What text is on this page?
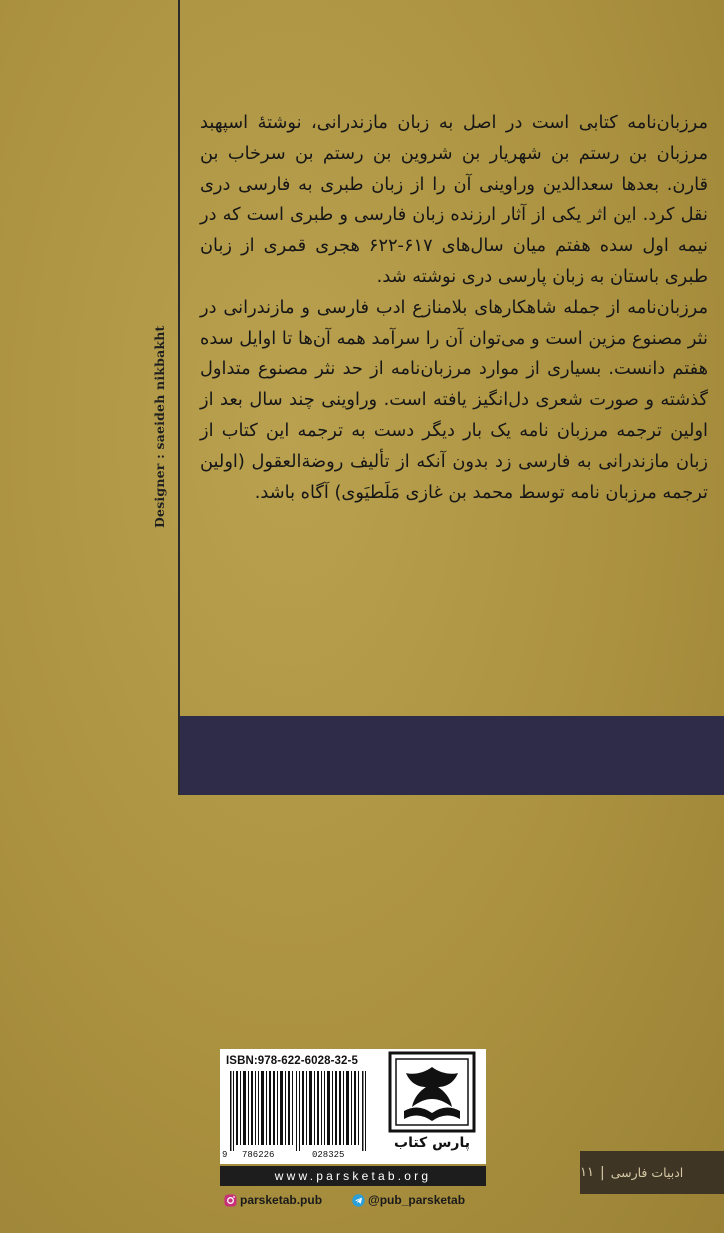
Designer : saeideh nikbakht

مرزبان‌نامه کتابی است در اصل به زبان مازندرانی، نوشتهٔ اسپهبد مرزبان بن رستم بن شهریار بن شروین بن رستم بن سرخاب بن قارن. بعدها سعدالدین وراوینی آن را از زبان طبری به فارسی دری نقل کرد. این اثر یکی از آثار ارزنده زبان فارسی و طبری است که در نیمه اول سده هفتم میان سال‌های ۶۱۷-۶۲۲ هجری قمری از زبان طبری باستان به زبان پارسی دری نوشته شد.

مرزبان‌نامه از جمله شاهکارهای بلامنازع ادب فارسی و مازندرانی در نثر مصنوع مزین است و می‌توان آن را سرآمد همه آن‌ها تا اوایل سده هفتم دانست. بسیاری از موارد مرزبان‌نامه از حد نثر مصنوع متداول گذشته و صورت شعری دل‌انگیز یافته است. وراوینی چند سال بعد از اولین ترجمه مرزبان نامه یک بار دیگر دست به ترجمه این کتاب از زبان مازندرانی به فارسی زد بدون آنکه از تألیف روضةالعقول (اولین ترجمه مرزبان نامه توسط محمد بن غازی مَلَطیَوی) آگاه باشد.

ISBN:978-622-6028-32-5
9 786226	028325
پارس کتاب
www.parsketab.org
parsketab.pub	@pub_parsketab
ادبیات فارسی
|
۱۱
